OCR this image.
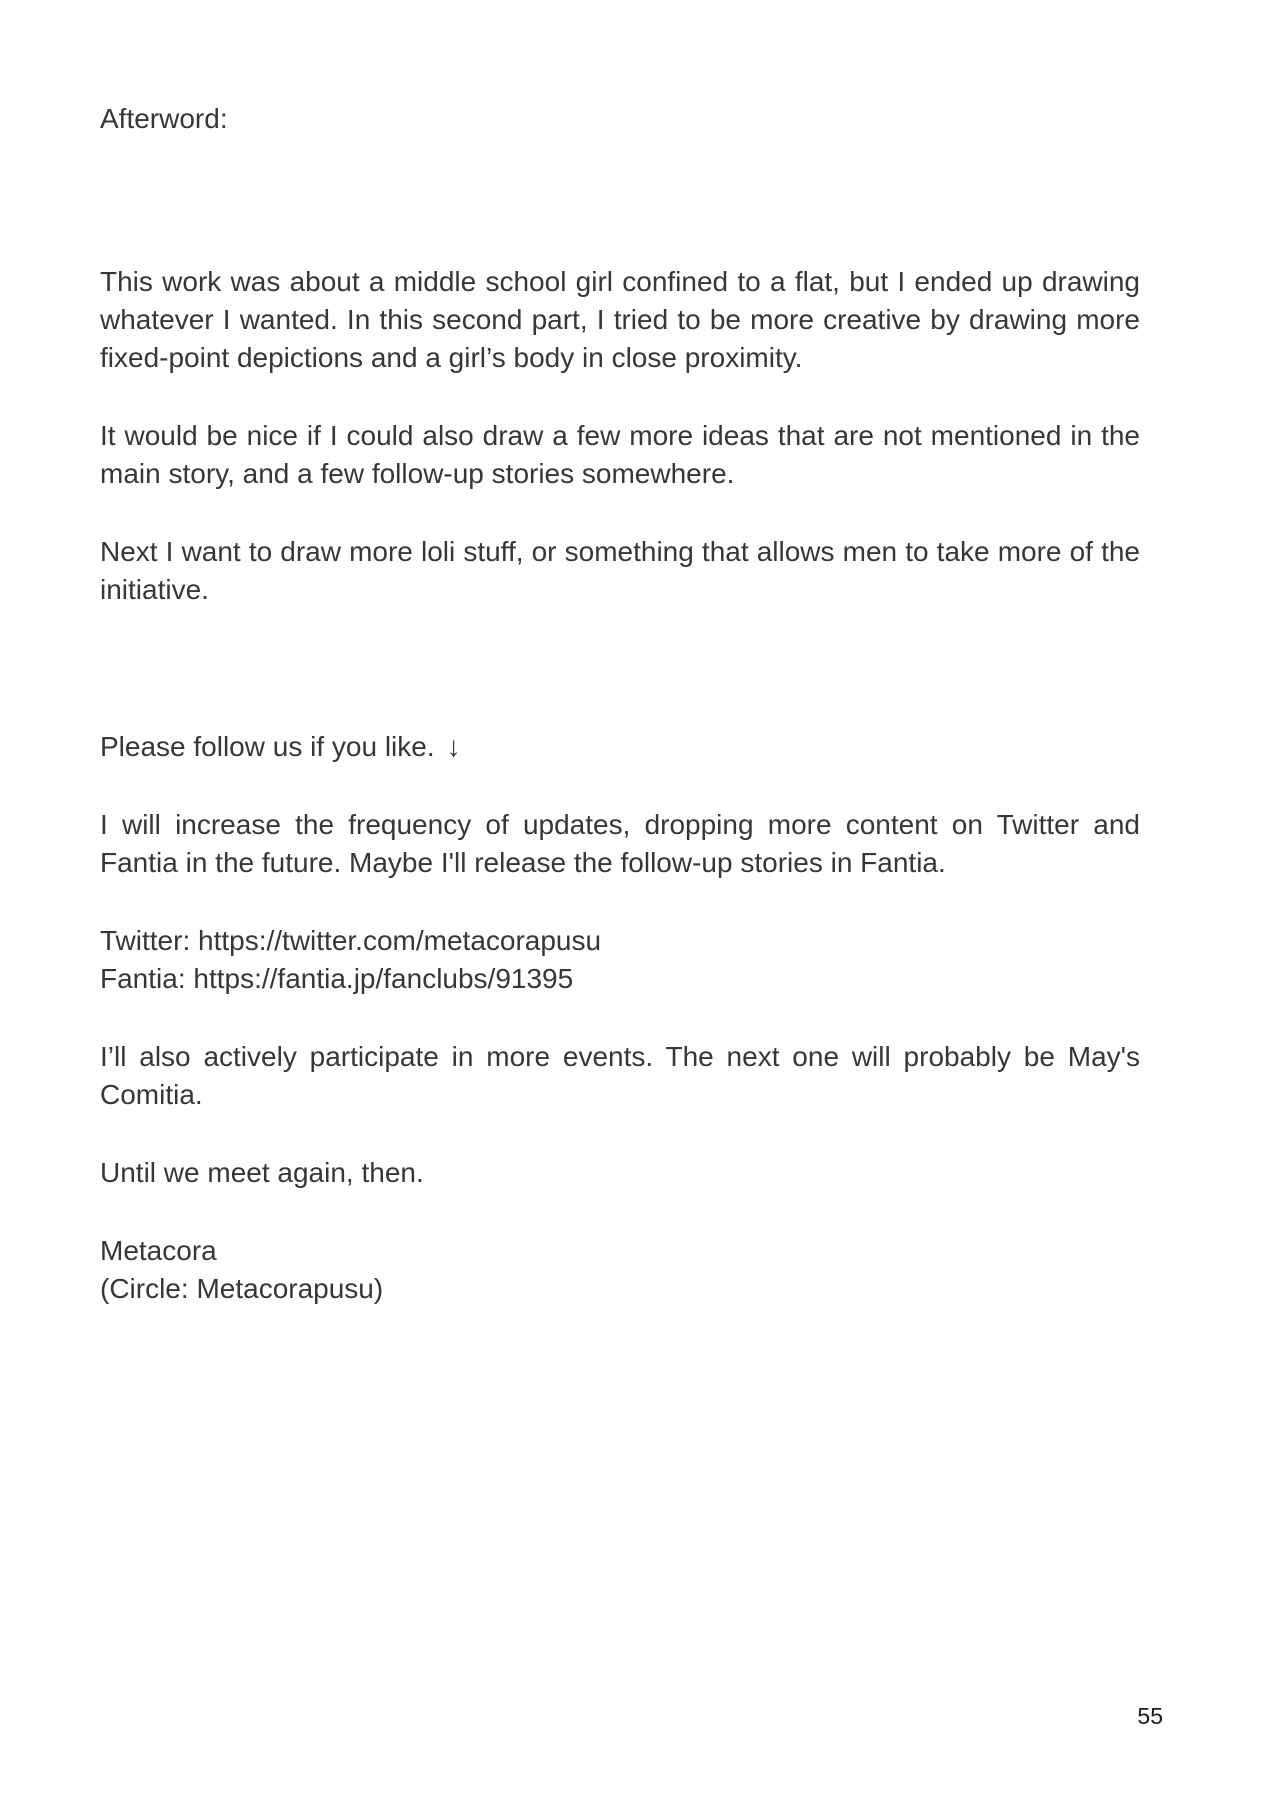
Afterword:

This work was about a middle school girl confined to a flat, but I ended up drawing whatever I wanted. In this second part, I tried to be more creative by drawing more fixed-point depictions and a girl’s body in close proximity.

It would be nice if I could also draw a few more ideas that are not mentioned in the main story, and a few follow-up stories somewhere.

Next I want to draw more loli stuff, or something that allows men to take more of the initiative.

Please follow us if you like. ↓

I will increase the frequency of updates, dropping more content on Twitter and Fantia in the future. Maybe I'll release the follow-up stories in Fantia.

Twitter: https://twitter.com/metacorapusu
Fantia: https://fantia.jp/fanclubs/91395

I’ll also actively participate in more events. The next one will probably be May's Comitia.

Until we meet again, then.

Metacora
(Circle: Metacorapusu)

55
